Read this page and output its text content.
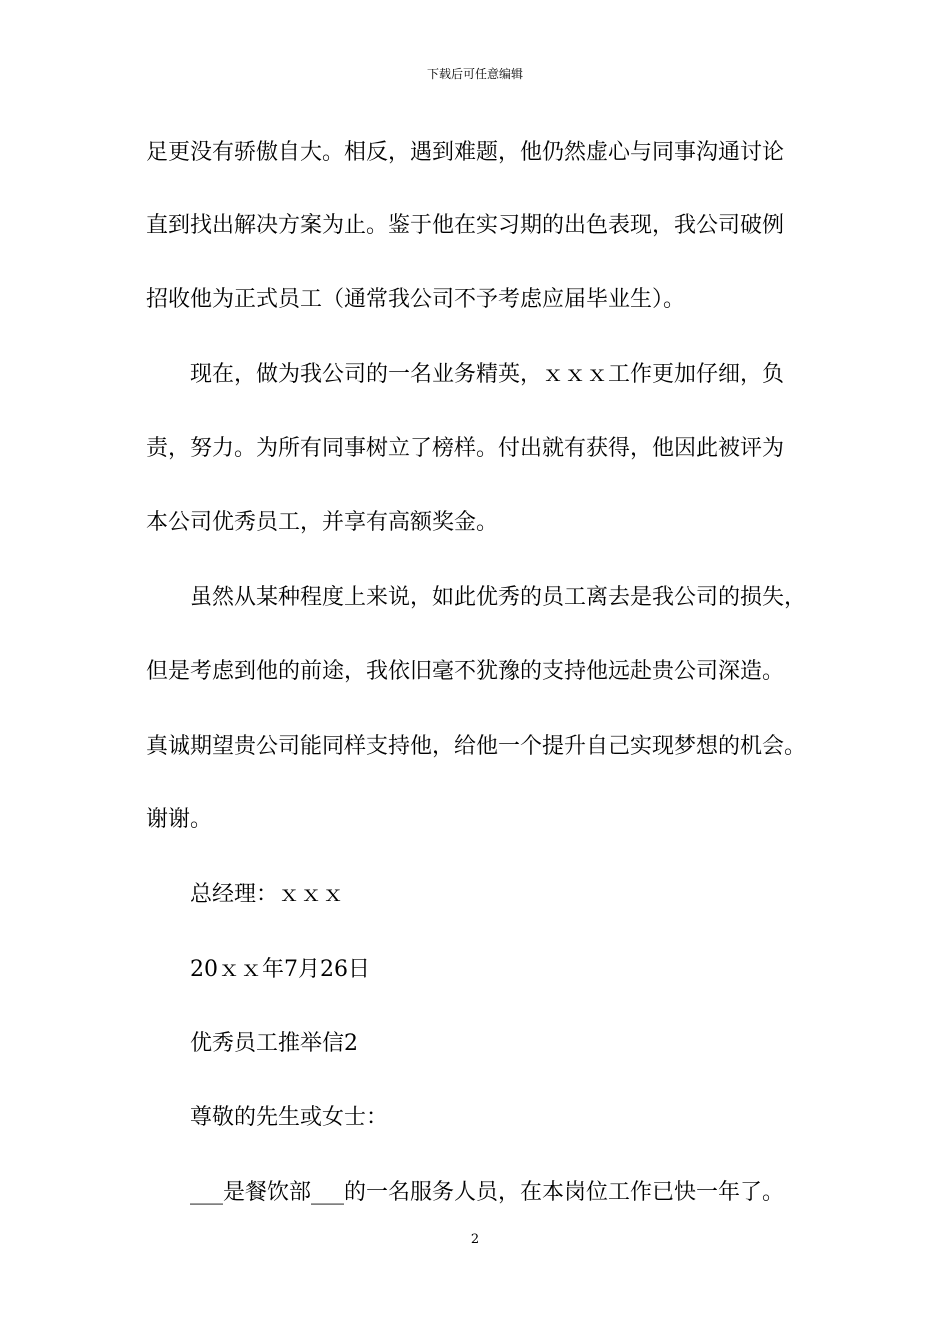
下载后可任意编辑
足更没有骄傲自大。相反，遇到难题，他仍然虚心与同事沟通讨论
直到找出解决方案为止。鉴于他在实习期的出色表现，我公司破例
招收他为正式员工（通常我公司不予考虑应届毕业生）。
现在，做为我公司的一名业务精英，ｘｘｘ工作更加仔细，负
责，努力。为所有同事树立了榜样。付出就有获得，他因此被评为
本公司优秀员工，并享有高额奖金。
虽然从某种程度上来说，如此优秀的员工离去是我公司的损失，
但是考虑到他的前途，我依旧毫不犹豫的支持他远赴贵公司深造。
真诚期望贵公司能同样支持他，给他一个提升自己实现梦想的机会。
谢谢。
总经理：ｘｘｘ
20ｘｘ年7月26日
优秀员工推举信2
尊敬的先生或女士：
___是餐饮部___的一名服务人员，在本岗位工作已快一年了。
2
